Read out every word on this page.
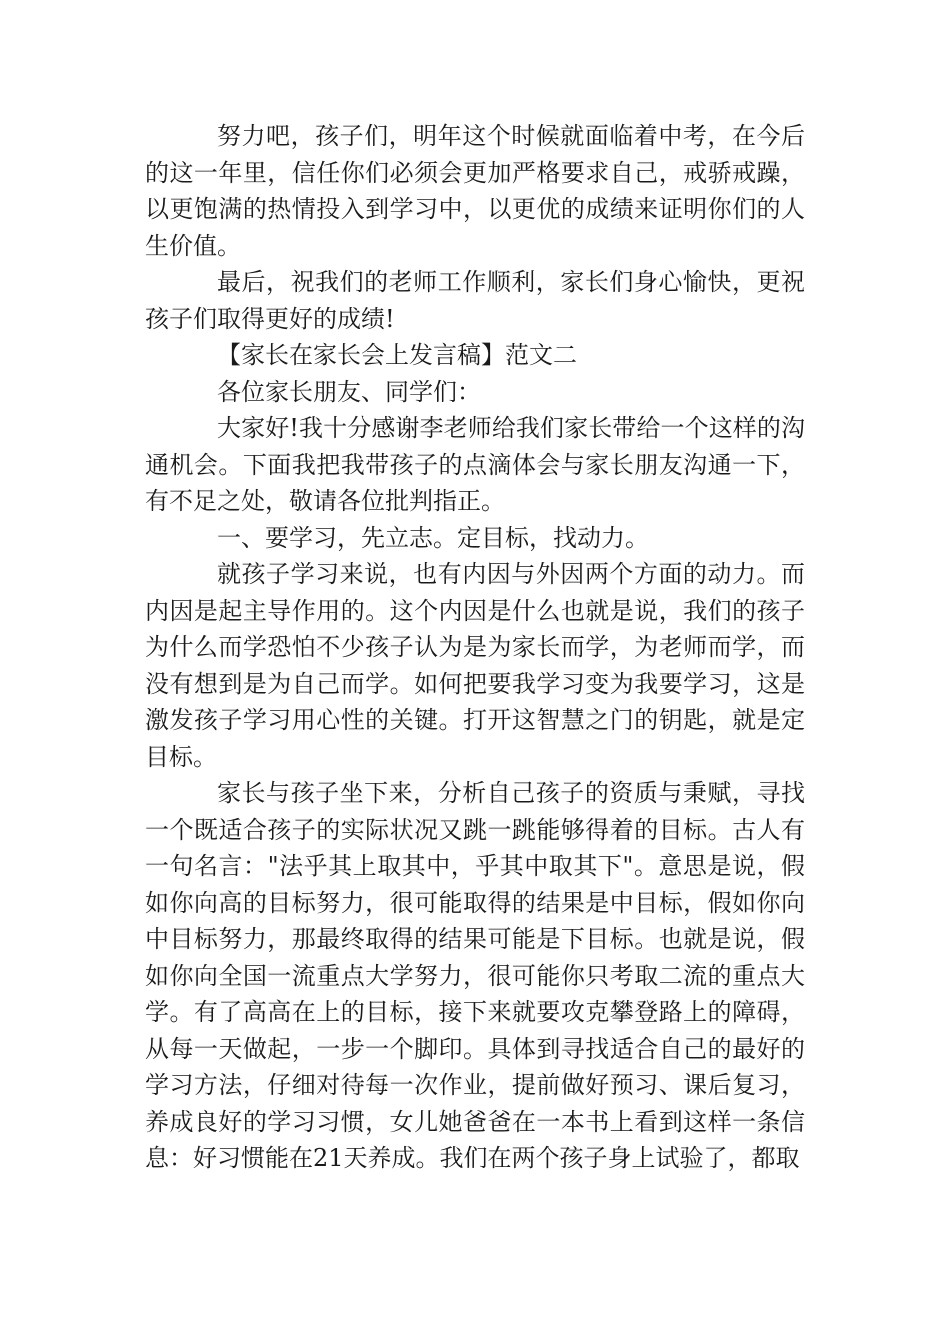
努力吧，孩子们，明年这个时候就面临着中考，在今后的这一年里，信任你们必须会更加严格要求自己，戒骄戒躁，以更饱满的热情投入到学习中，以更优的成绩来证明你们的人生价值。

最后，祝我们的老师工作顺利，家长们身心愉快，更祝孩子们取得更好的成绩!

【家长在家长会上发言稿】范文二

各位家长朋友、同学们：

大家好!我十分感谢李老师给我们家长带给一个这样的沟通机会。下面我把我带孩子的点滴体会与家长朋友沟通一下，有不足之处，敬请各位批判指正。

一、要学习，先立志。定目标，找动力。

就孩子学习来说，也有内因与外因两个方面的动力。而内因是起主导作用的。这个内因是什么也就是说，我们的孩子为什么而学恐怕不少孩子认为是为家长而学，为老师而学，而没有想到是为自己而学。如何把要我学习变为我要学习，这是激发孩子学习用心性的关键。打开这智慧之门的钥匙，就是定目标。

家长与孩子坐下来，分析自己孩子的资质与秉赋，寻找一个既适合孩子的实际状况又跳一跳能够得着的目标。古人有一句名言："法乎其上取其中，乎其中取其下"。意思是说，假如你向高的目标努力，很可能取得的结果是中目标，假如你向中目标努力，那最终取得的结果可能是下目标。也就是说，假如你向全国一流重点大学努力，很可能你只考取二流的重点大学。有了高高在上的目标，接下来就要攻克攀登路上的障碍，从每一天做起，一步一个脚印。具体到寻找适合自己的最好的学习方法，仔细对待每一次作业，提前做好预习、课后复习，养成良好的学习习惯，女儿她爸爸在一本书上看到这样一条信息：好习惯能在21天养成。我们在两个孩子身上试验了，都取
